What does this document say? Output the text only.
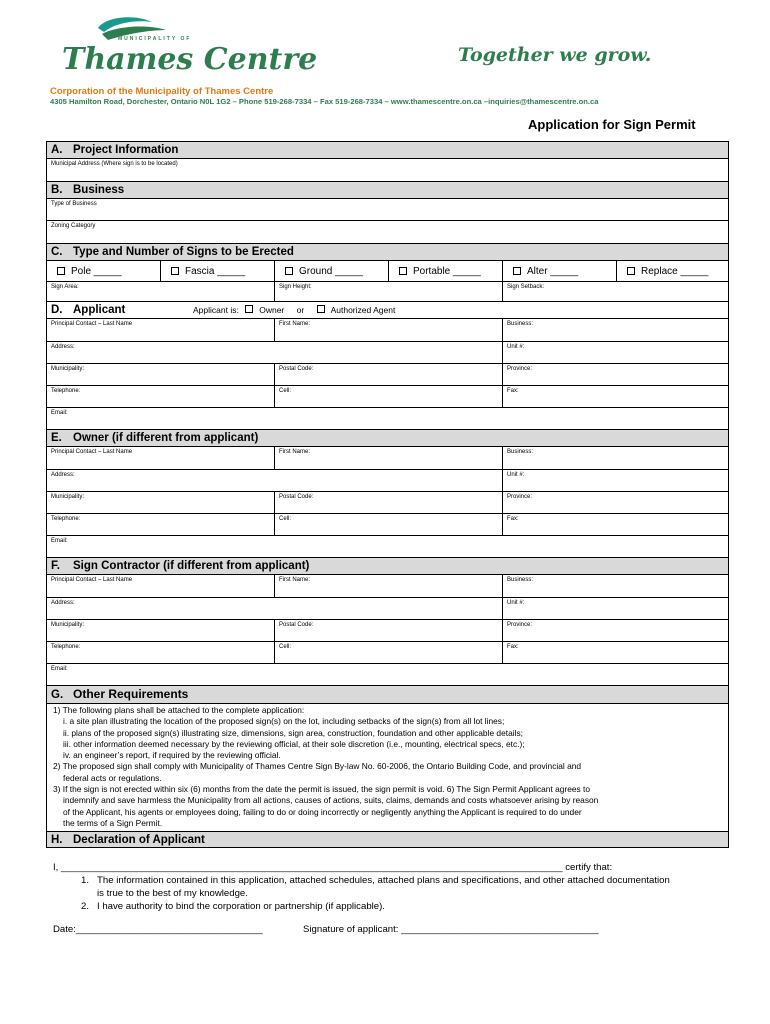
MUNICIPALITY OF
Thames Centre	Together we grow.
Corporation of the Municipality of Thames Centre
4305 Hamilton Road, Dorchester, Ontario N0L 1G2 – Phone 519-268-7334 – Fax 519-268-7334 – www.thamescentre.on.ca –inquiries@thamescentre.on.ca
Application for Sign Permit
A. Project Information
Municipal Address (Where sign is to be located)
B. Business
Type of Business
Zoning Category
C. Type and Number of Signs to be Erected
Pole _____	Fascia _____	Ground _____	Portable _____	Alter _____	Replace _____
Sign Area:	Sign Height:	Sign Setback:
D. Applicant	Applicant is: Owner or	Authorized Agent
Principal Contact – Last Name	First Name:	Business:
Address:	Unit #:
Municipality:	Postal Code:	Province:
Telephone:	Cell:	Fax:
Email:
E. Owner (if different from applicant)
Principal Contact – Last Name	First Name:	Business:
Address:	Unit #:
Municipality:	Postal Code:	Province:
Telephone:	Cell:	Fax:
Email:
F. Sign Contractor (if different from applicant)
Principal Contact – Last Name	First Name:	Business:
Address:	Unit #:
Municipality:	Postal Code:	Province:
Telephone:	Cell:	Fax:
Email:
G. Other Requirements

1) The following plans shall be attached to the complete application:

i. a site plan illustrating the location of the proposed sign(s) on the lot, including setbacks of the sign(s) from all lot lines;

ii. plans of the proposed sign(s) illustrating size, dimensions, sign area, construction, foundation and other applicable details;

iii. other information deemed necessary by the reviewing official, at their sole discretion (i.e., mounting, electrical specs, etc.);

iv. an engineer’s report, if required by the reviewing official.

2) The proposed sign shall comply with Municipality of Thames Centre Sign By-law No. 60-2006, the Ontario Building Code, and provincial and

federal acts or regulations.

3) If the sign is not erected within six (6) months from the date the permit is issued, the sign permit is void. 6) The Sign Permit Applicant agrees to

indemnify and save harmless the Municipality from all actions, causes of actions, suits, claims, demands and costs whatsoever arising by reason

of the Applicant, his agents or employees doing, failing to do or doing incorrectly or negligently anything the Applicant is required to do under

the terms of a Sign Permit.

H. Declaration of Applicant
I, ______________________________________________________________________________________________ certify that:
1. The information contained in this application, attached schedules, attached plans and specifications, and other attached documentation is true to the best of my knowledge.
2. I have authority to bind the corporation or partnership (if applicable).
Date:___________________________________	Signature of applicant: _____________________________________
